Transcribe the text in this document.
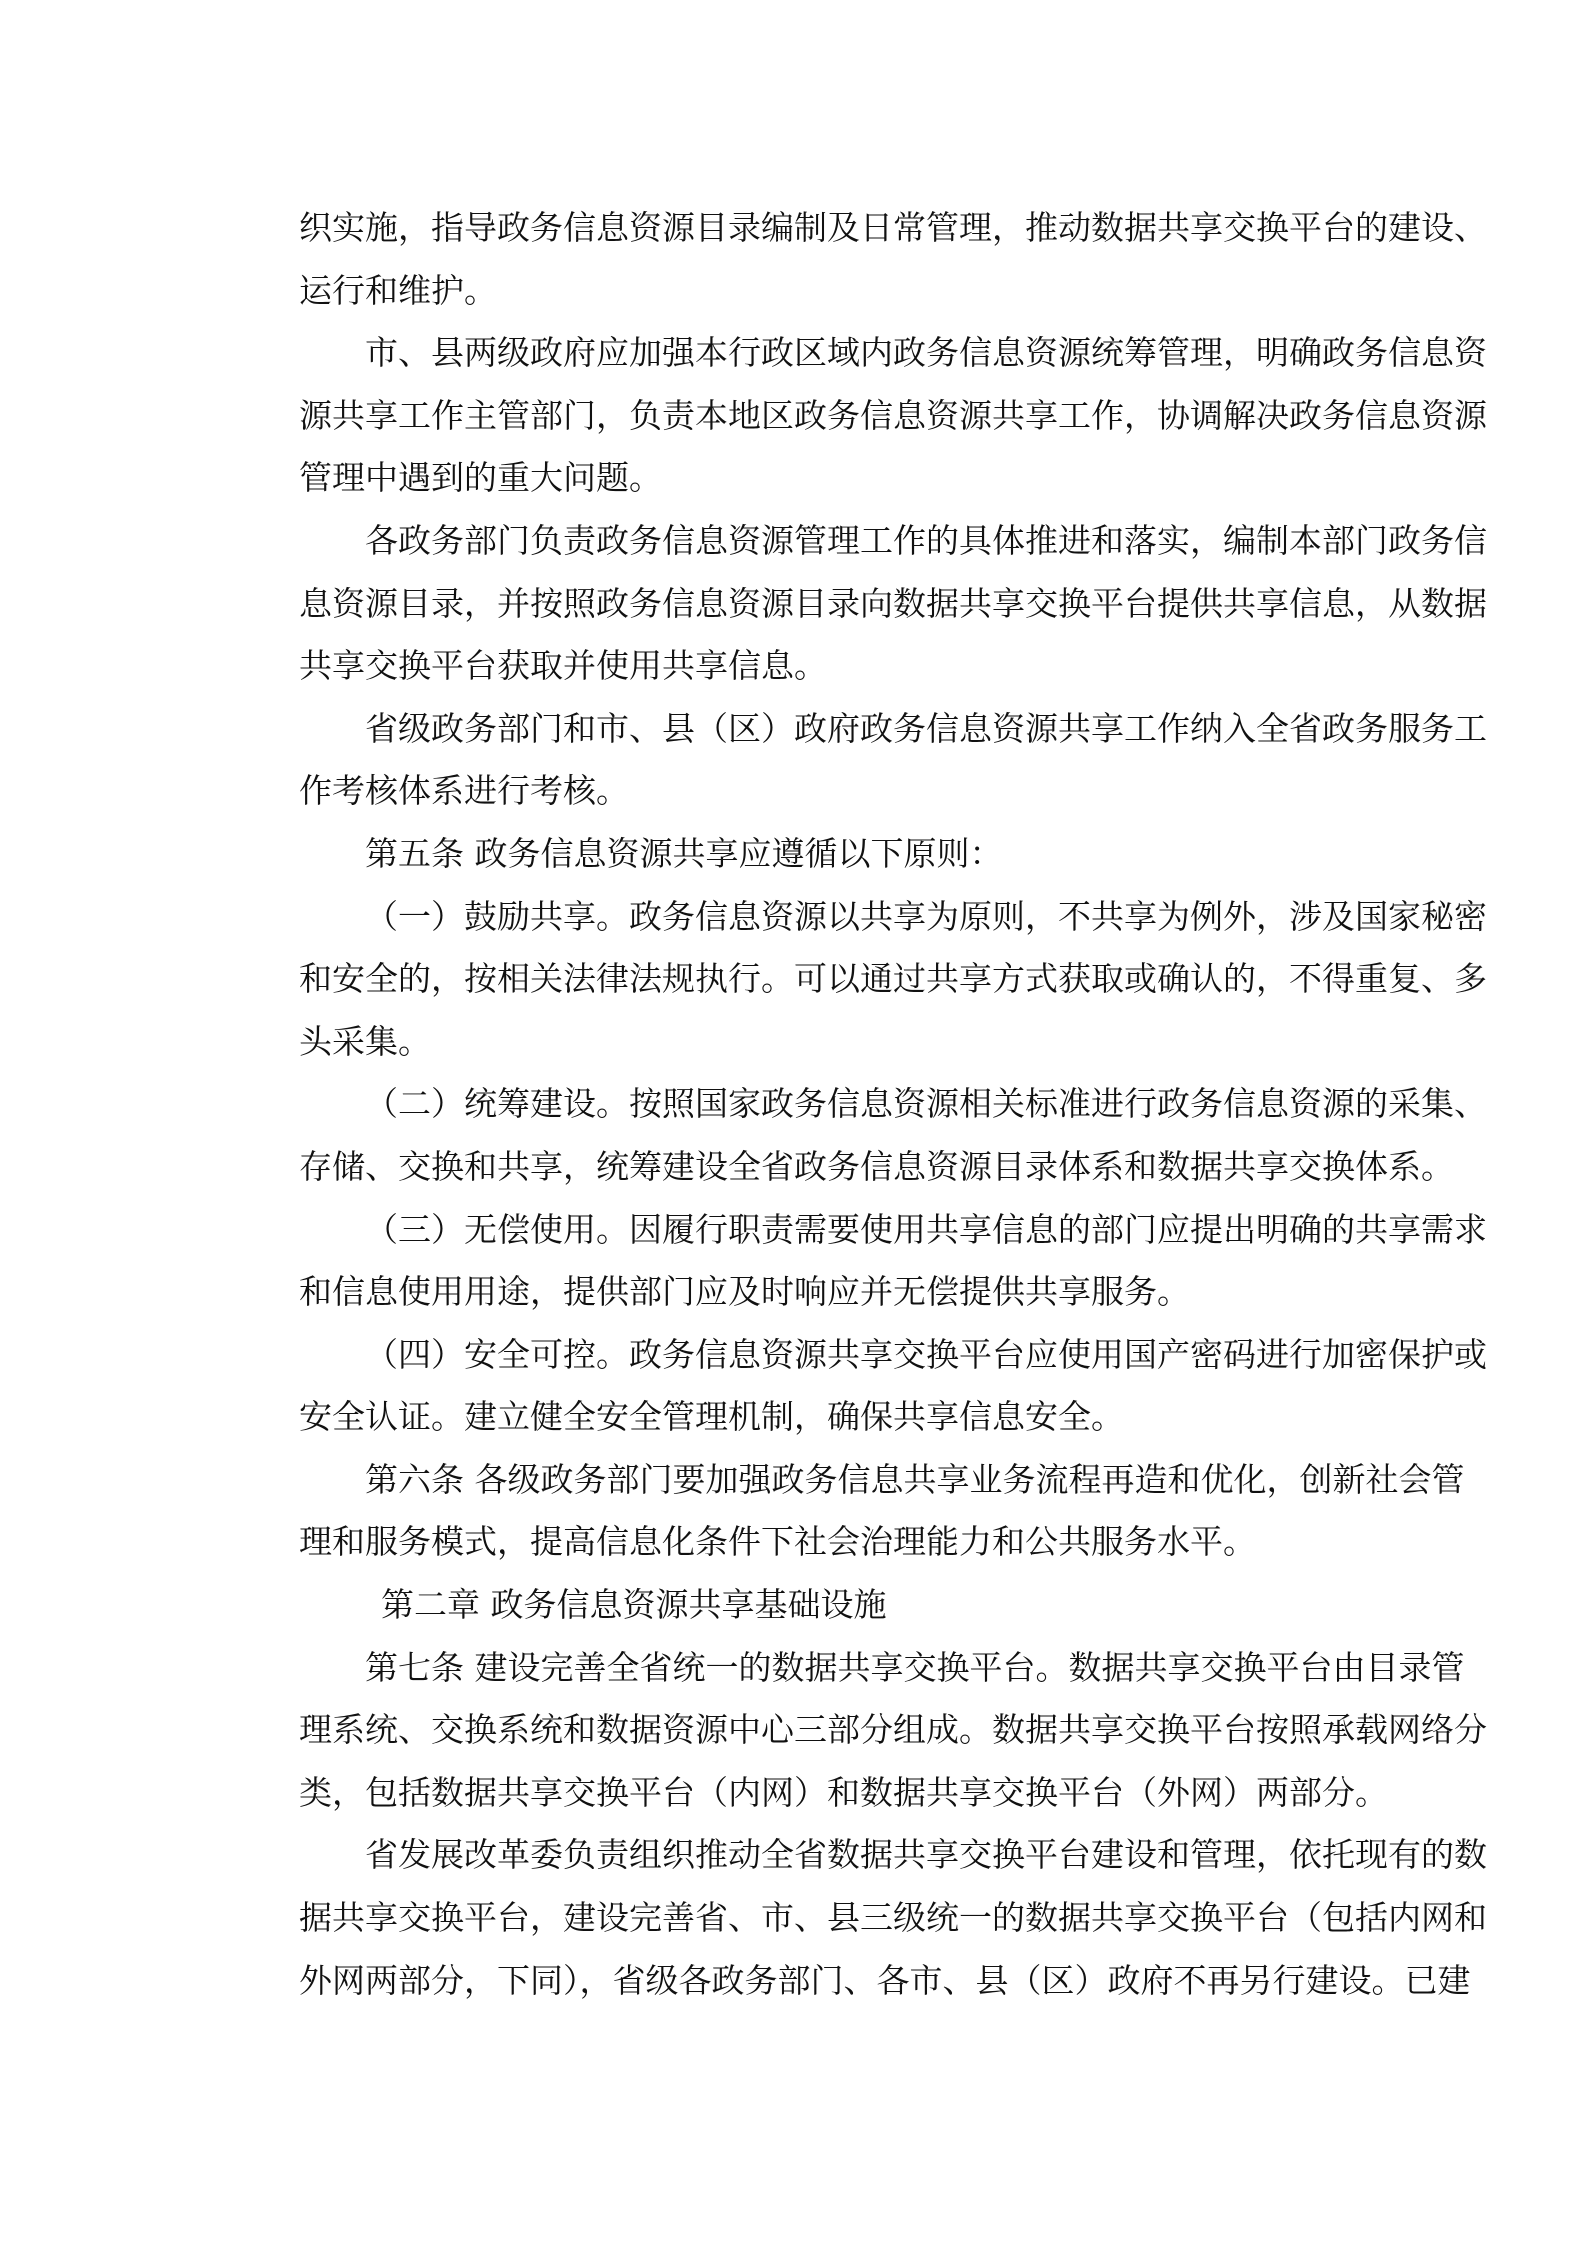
织实施，指导政务信息资源目录编制及日常管理，推动数据共享交换平台的建设、
运行和维护。
市、县两级政府应加强本行政区域内政务信息资源统筹管理，明确政务信息资
源共享工作主管部门，负责本地区政务信息资源共享工作，协调解决政务信息资源
管理中遇到的重大问题。
各政务部门负责政务信息资源管理工作的具体推进和落实，编制本部门政务信
息资源目录，并按照政务信息资源目录向数据共享交换平台提供共享信息，从数据
共享交换平台获取并使用共享信息。
省级政务部门和市、县（区）政府政务信息资源共享工作纳入全省政务服务工
作考核体系进行考核。
第五条 政务信息资源共享应遵循以下原则：
（一）鼓励共享。政务信息资源以共享为原则，不共享为例外，涉及国家秘密
和安全的，按相关法律法规执行。可以通过共享方式获取或确认的，不得重复、多
头采集。
（二）统筹建设。按照国家政务信息资源相关标准进行政务信息资源的采集、
存储、交换和共享，统筹建设全省政务信息资源目录体系和数据共享交换体系。
（三）无偿使用。因履行职责需要使用共享信息的部门应提出明确的共享需求
和信息使用用途，提供部门应及时响应并无偿提供共享服务。
（四）安全可控。政务信息资源共享交换平台应使用国产密码进行加密保护或
安全认证。建立健全安全管理机制，确保共享信息安全。
第六条 各级政务部门要加强政务信息共享业务流程再造和优化，创新社会管
理和服务模式，提高信息化条件下社会治理能力和公共服务水平。
第二章 政务信息资源共享基础设施
第七条 建设完善全省统一的数据共享交换平台。数据共享交换平台由目录管
理系统、交换系统和数据资源中心三部分组成。数据共享交换平台按照承载网络分
类，包括数据共享交换平台（内网）和数据共享交换平台（外网）两部分。
省发展改革委负责组织推动全省数据共享交换平台建设和管理，依托现有的数
据共享交换平台，建设完善省、市、县三级统一的数据共享交换平台（包括内网和
外网两部分，下同），省级各政务部门、各市、县（区）政府不再另行建设。已建
